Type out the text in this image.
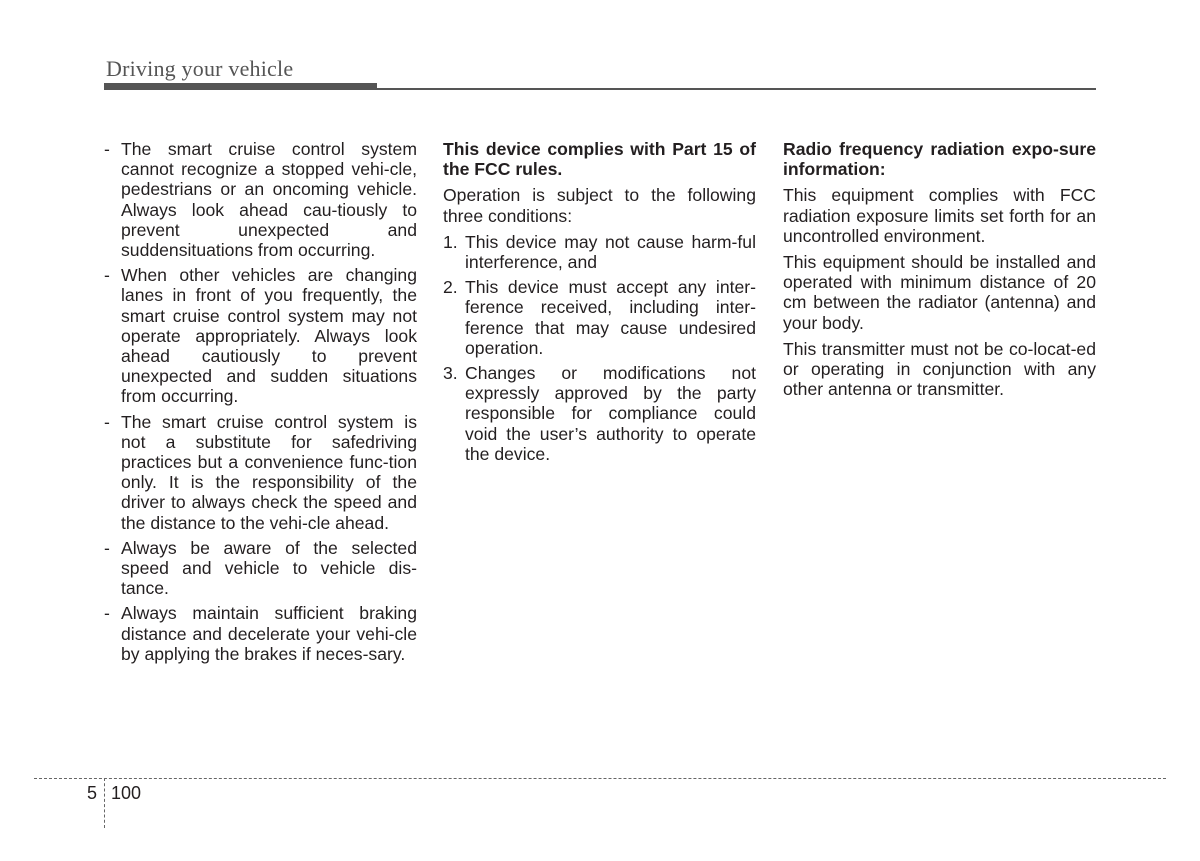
Driving your vehicle
- The smart cruise control system cannot recognize a stopped vehi-cle, pedestrians or an oncoming vehicle. Always look ahead cau-tiously to prevent unexpected and suddensituations from occurring.
- When other vehicles are changing lanes in front of you frequently, the smart cruise control system may not operate appropriately. Always look ahead cautiously to prevent unexpected and sudden situations from occurring.
- The smart cruise control system is not a substitute for safedriving practices but a convenience func-tion only. It is the responsibility of the driver to always check the speed and the distance to the vehi-cle ahead.
- Always be aware of the selected speed and vehicle to vehicle dis-tance.
- Always maintain sufficient braking distance and decelerate your vehi-cle by applying the brakes if neces-sary.

This device complies with Part 15 of the FCC rules.

Operation is subject to the following three conditions:

1. This device may not cause harm-ful interference, and
2. This device must accept any inter-ference received, including inter-ference that may cause undesired operation.
3. Changes or modifications not expressly approved by the party responsible for compliance could void the user’s authority to operate the device.

Radio frequency radiation expo-sure information:

This equipment complies with FCC radiation exposure limits set forth for an uncontrolled environment.

This equipment should be installed and operated with minimum distance of 20 cm between the radiator (antenna) and your body.

This transmitter must not be co-locat-ed or operating in conjunction with any other antenna or transmitter.

5 100
